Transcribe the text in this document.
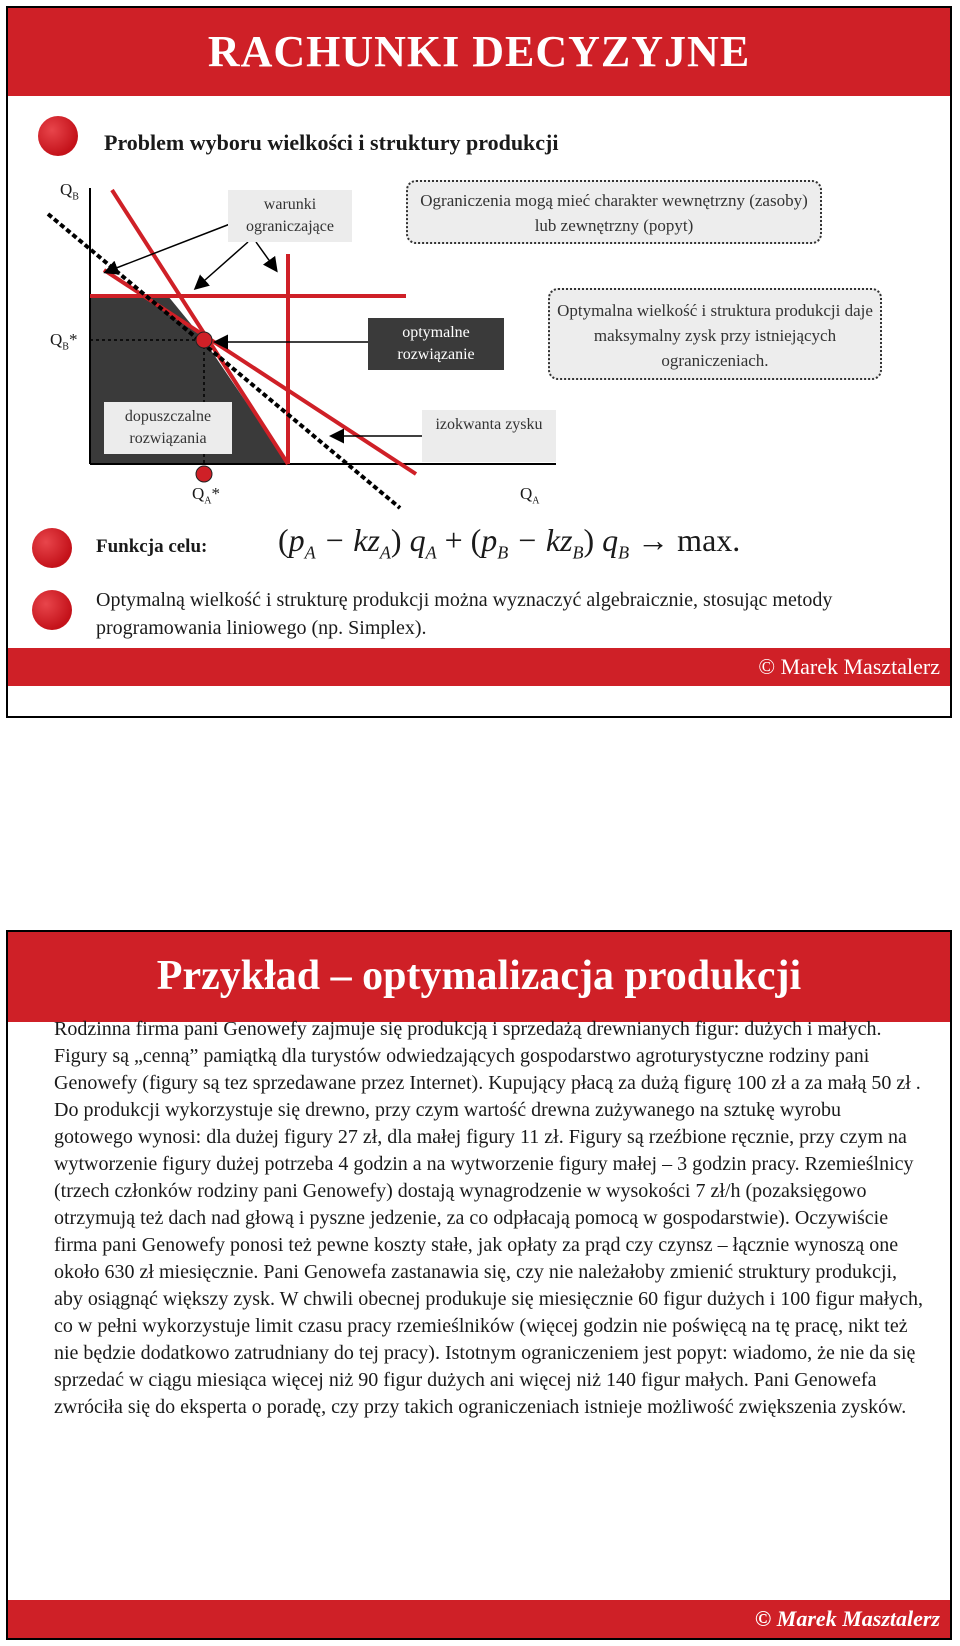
RACHUNKI DECYZYJNE
Problem wyboru wielkości i struktury produkcji
$Q_B$
$Q_B*$
$Q_A*$	$Q_A$
warunki ograniczające
Ograniczenia mogą mieć charakter wewnętrzny (zasoby) lub zewnętrzny (popyt)
optymalne rozwiązanie
Optymalna wielkość i struktura produkcji daje maksymalny zysk przy istniejących ograniczeniach.
dopuszczalne rozwiązania
izokwanta zysku
Funkcja celu: $(p_A - kz_A) q_A + (p_B - kz_B) q_B \to \max$.
Optymalną wielkość i strukturę produkcji można wyznaczyć algebraicznie, stosując metody programowania liniowego (np. Simplex).
© Marek Masztalerz
Przykład – optymalizacja produkcji
Rodzinna firma pani Genowefy zajmuje się produkcją i sprzedażą drewnianych figur: dużych i małych. Figury są „cenną” pamiątką dla turystów odwiedzających gospodarstwo agroturystyczne rodziny pani Genowefy (figury są tez sprzedawane przez Internet). Kupujący płacą za dużą figurę 100 zł a za małą 50 zł . Do produkcji wykorzystuje się drewno, przy czym wartość drewna zużywanego na sztukę wyrobu gotowego wynosi: dla dużej figury 27 zł, dla małej figury 11 zł. Figury są rzeźbione ręcznie, przy czym na wytworzenie figury dużej potrzeba 4 godzin a na wytworzenie figury małej – 3 godzin pracy. Rzemieślnicy (trzech członków rodziny pani Genowefy) dostają wynagrodzenie w wysokości 7 zł/h (pozaksięgowo otrzymują też dach nad głową i pyszne jedzenie, za co odpłacają pomocą w gospodarstwie). Oczywiście firma pani Genowefy ponosi też pewne koszty stałe, jak opłaty za prąd czy czynsz – łącznie wynoszą one około 630 zł miesięcznie. Pani Genowefa zastanawia się, czy nie należałoby zmienić struktury produkcji, aby osiągnąć większy zysk. W chwili obecnej produkuje się miesięcznie 60 figur dużych i 100 figur małych, co w pełni wykorzystuje limit czasu pracy rzemieślników (więcej godzin nie poświęcą na tę pracę, nikt też nie będzie dodatkowo zatrudniany do tej pracy). Istotnym ograniczeniem jest popyt: wiadomo, że nie da się sprzedać w ciągu miesiąca więcej niż 90 figur dużych ani więcej niż 140 figur małych. Pani Genowefa zwróciła się do eksperta o poradę, czy przy takich ograniczeniach istnieje możliwość zwiększenia zysków.
© Marek Masztalerz
